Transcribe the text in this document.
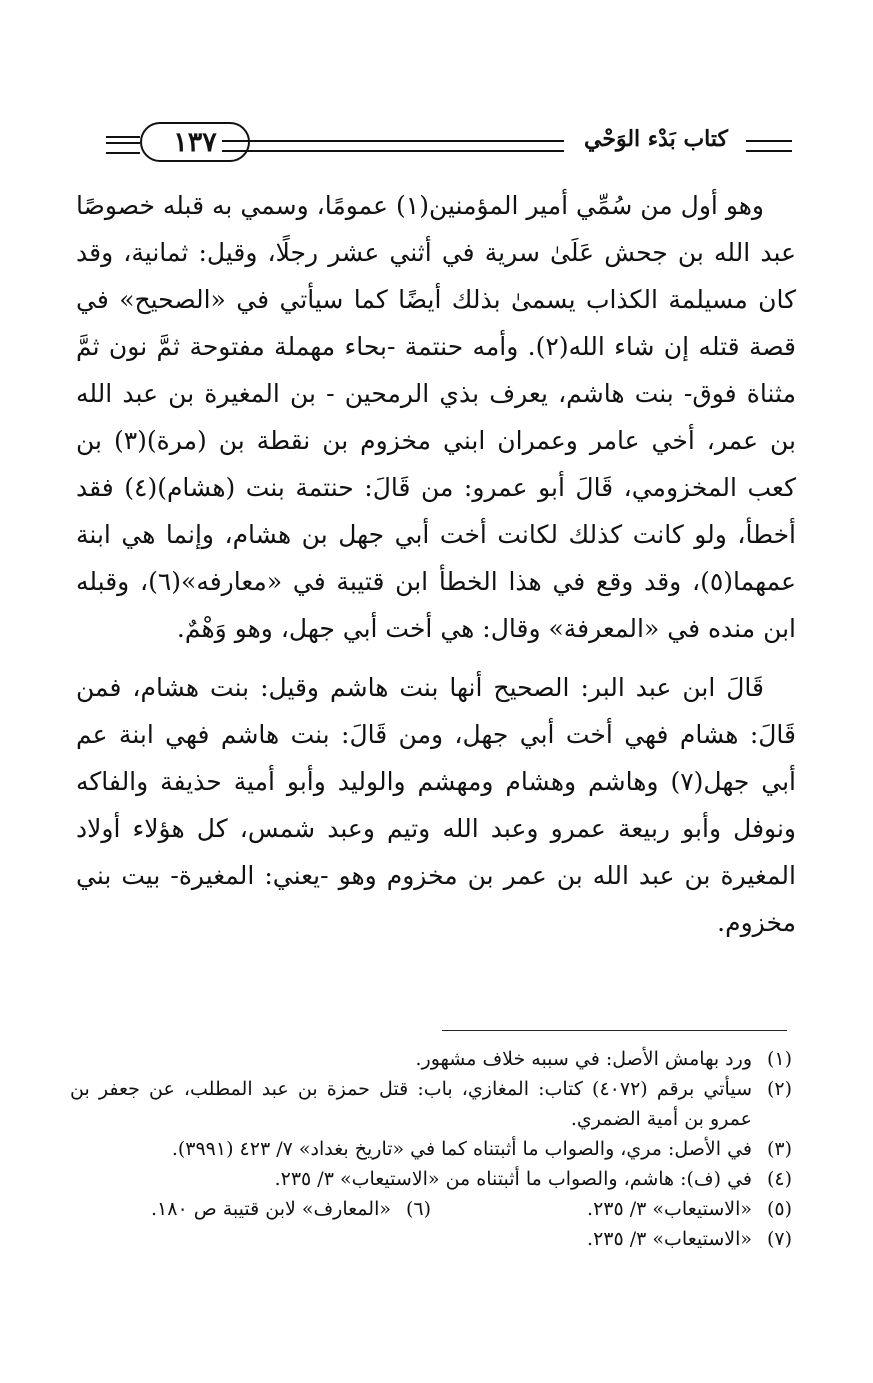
١٣٧	كتاب بَدْء الوَحْي

وهو أول من سُمِّي أمير المؤمنين(١) عمومًا، وسمي به قبله خصوصًا عبد الله بن جحش عَلَىٰ سرية في أثني عشر رجلًا، وقيل: ثمانية، وقد كان مسيلمة الكذاب يسمىٰ بذلك أيضًا كما سيأتي في «الصحيح» في قصة قتله إن شاء الله(٢). وأمه حنتمة -بحاء مهملة مفتوحة ثمَّ نون ثمَّ مثناة فوق- بنت هاشم، يعرف بذي الرمحين - بن المغيرة بن عبد الله بن عمر، أخي عامر وعمران ابني مخزوم بن نقطة بن (مرة)(٣) بن كعب المخزومي، قَالَ أبو عمرو: من قَالَ: حنتمة بنت (هشام)(٤) فقد أخطأ، ولو كانت كذلك لكانت أخت أبي جهل بن هشام، وإنما هي ابنة عمهما(٥)، وقد وقع في هذا الخطأ ابن قتيبة في «معارفه»(٦)، وقبله ابن منده في «المعرفة» وقال: هي أخت أبي جهل، وهو وَهْمٌ.

قَالَ ابن عبد البر: الصحيح أنها بنت هاشم وقيل: بنت هشام، فمن قَالَ: هشام فهي أخت أبي جهل، ومن قَالَ: بنت هاشم فهي ابنة عم أبي جهل(٧) وهاشم وهشام ومهشم والوليد وأبو أمية حذيفة والفاكه ونوفل وأبو ربيعة عمرو وعبد الله وتيم وعبد شمس، كل هؤلاء أولاد المغيرة بن عبد الله بن عمر بن مخزوم وهو -يعني: المغيرة- بيت بني مخزوم.

(١)
ورد بهامش الأصل: في سببه خلاف مشهور.
(٢)
سيأتي برقم (٤٠٧٢) كتاب: المغازي، باب: قتل حمزة بن عبد المطلب، عن جعفر بن عمرو بن أمية الضمري.
(٣)
في الأصل: مري، والصواب ما أثبتناه كما في «تاريخ بغداد» ٧/ ٤٢٣ (٣٩٩١).
(٤)
في (ف): هاشم، والصواب ما أثبتناه من «الاستيعاب» ٣/ ٢٣٥.
(٥)
«الاستيعاب» ٣/ ٢٣٥.
(٦)
«المعارف» لابن قتيبة ص ١٨٠.
(٧)
«الاستيعاب» ٣/ ٢٣٥.
